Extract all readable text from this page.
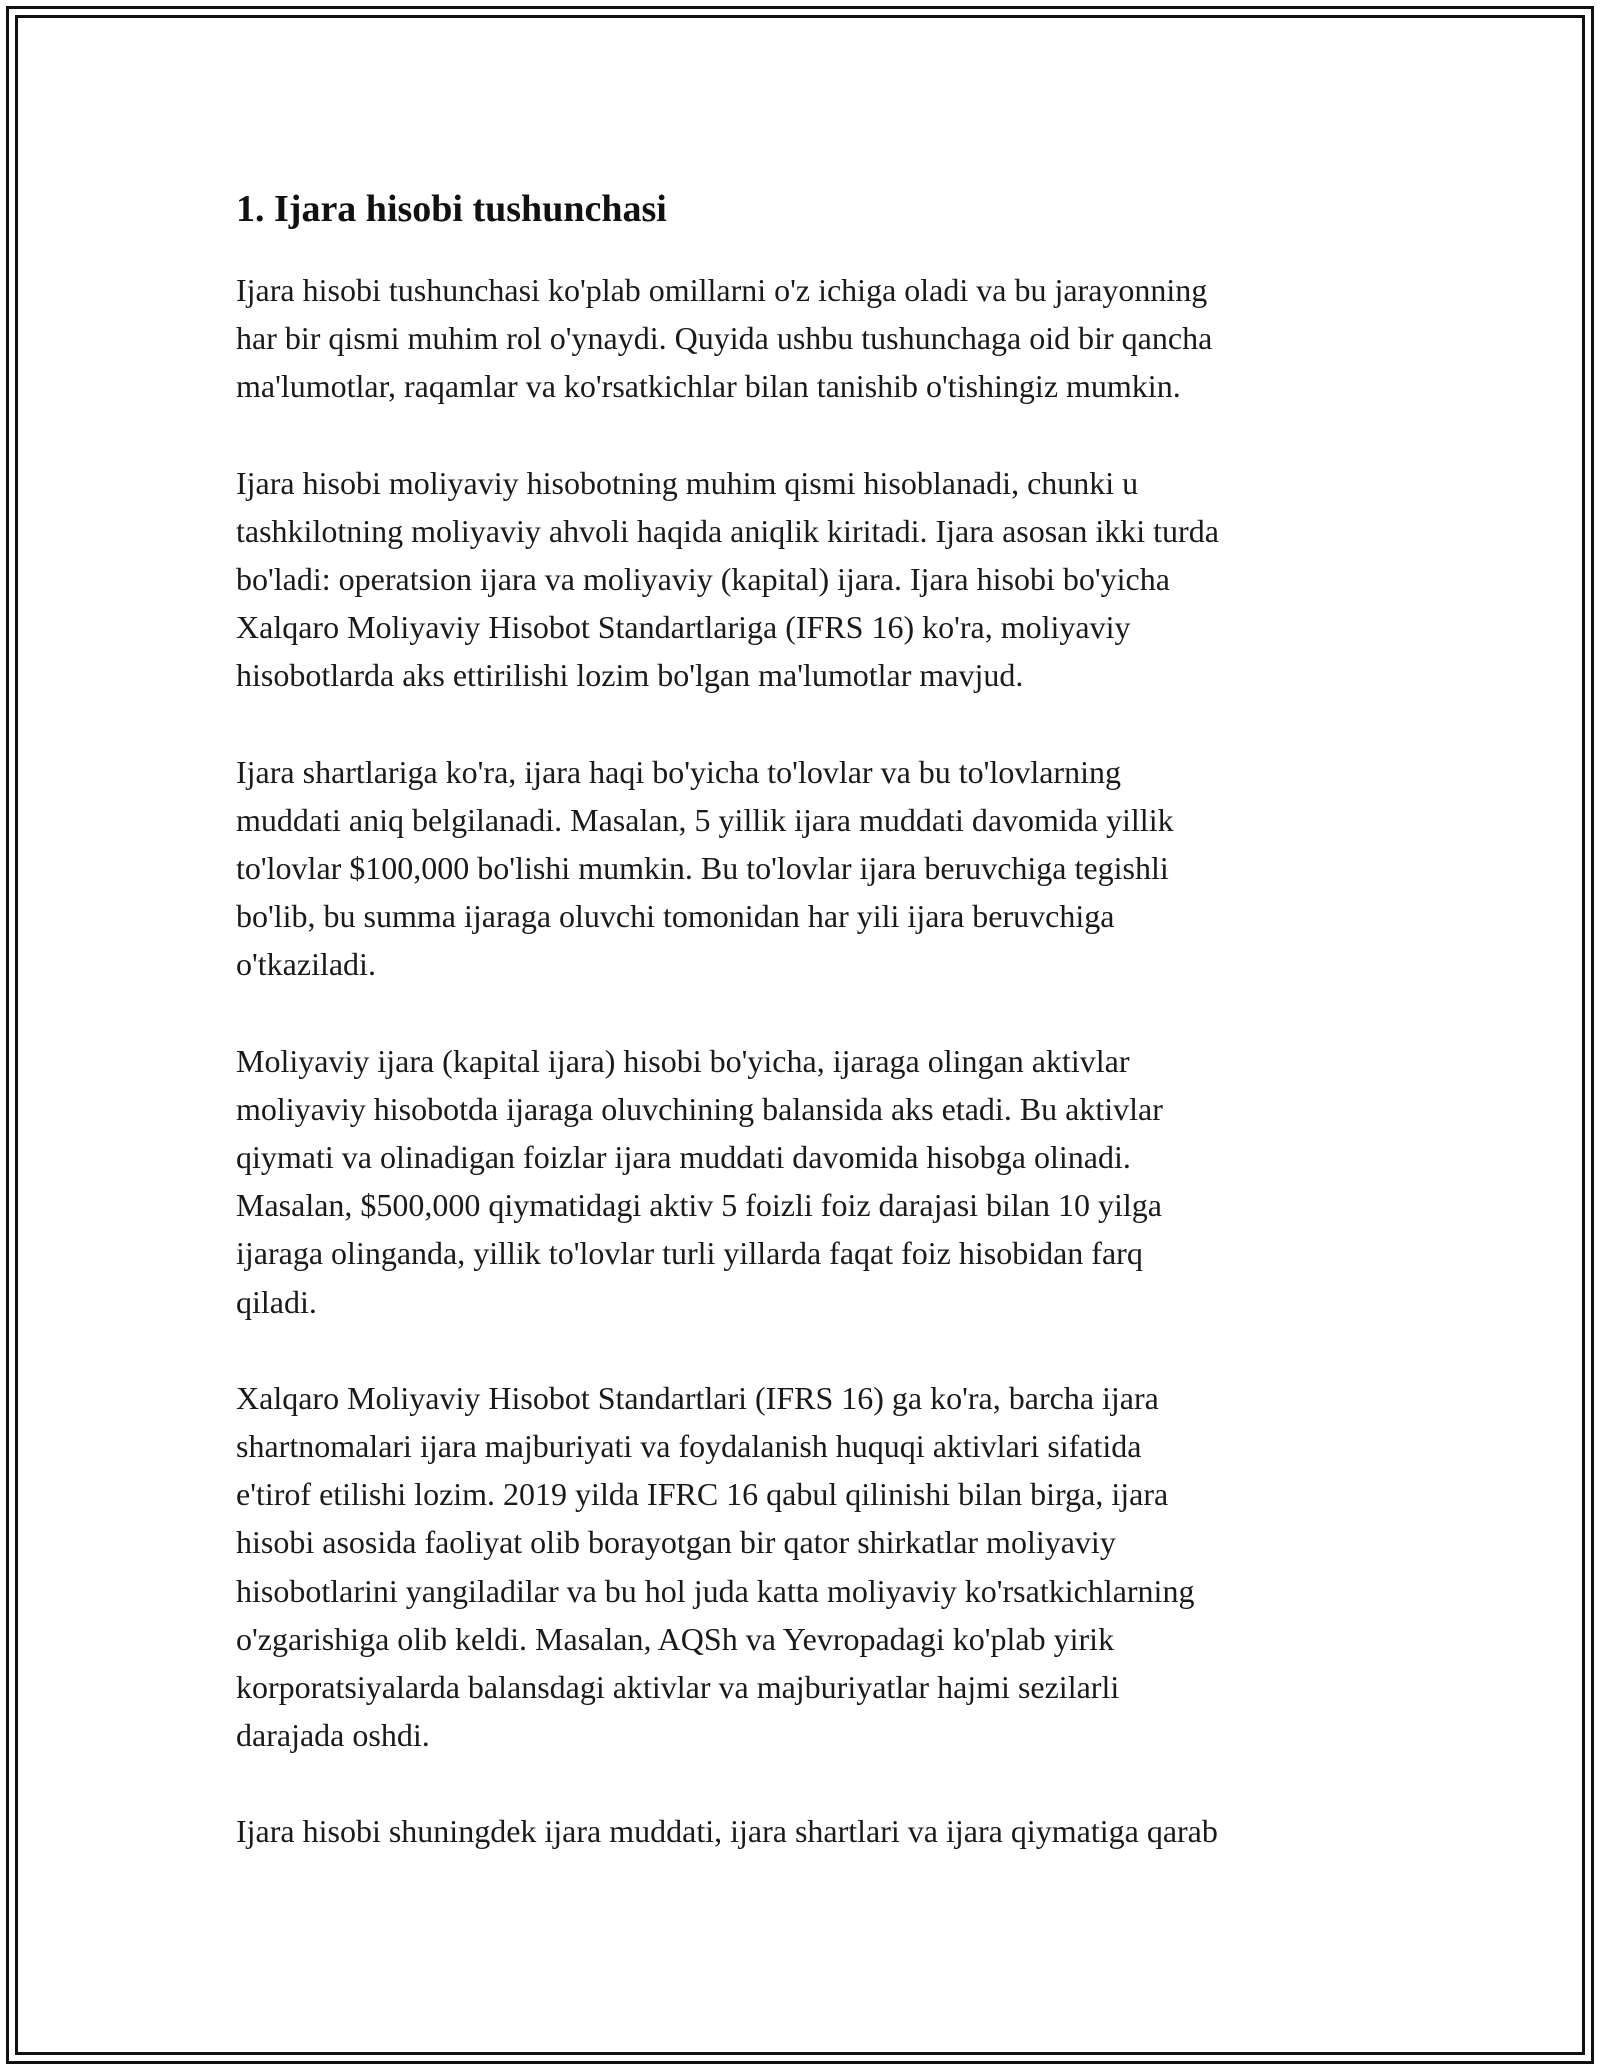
1. Ijara hisobi tushunchasi

Ijara hisobi tushunchasi ko'plab omillarni o'z ichiga oladi va bu jarayonning
har bir qismi muhim rol o'ynaydi. Quyida ushbu tushunchaga oid bir qancha
ma'lumotlar, raqamlar va ko'rsatkichlar bilan tanishib o'tishingiz mumkin.

Ijara hisobi moliyaviy hisobotning muhim qismi hisoblanadi, chunki u
tashkilotning moliyaviy ahvoli haqida aniqlik kiritadi. Ijara asosan ikki turda
bo'ladi: operatsion ijara va moliyaviy (kapital) ijara. Ijara hisobi bo'yicha
Xalqaro Moliyaviy Hisobot Standartlariga (IFRS 16) ko'ra, moliyaviy
hisobotlarda aks ettirilishi lozim bo'lgan ma'lumotlar mavjud.

Ijara shartlariga ko'ra, ijara haqi bo'yicha to'lovlar va bu to'lovlarning
muddati aniq belgilanadi. Masalan, 5 yillik ijara muddati davomida yillik
to'lovlar $100,000 bo'lishi mumkin. Bu to'lovlar ijara beruvchiga tegishli
bo'lib, bu summa ijaraga oluvchi tomonidan har yili ijara beruvchiga
o'tkaziladi.

Moliyaviy ijara (kapital ijara) hisobi bo'yicha, ijaraga olingan aktivlar
moliyaviy hisobotda ijaraga oluvchining balansida aks etadi. Bu aktivlar
qiymati va olinadigan foizlar ijara muddati davomida hisobga olinadi.
Masalan, $500,000 qiymatidagi aktiv 5 foizli foiz darajasi bilan 10 yilga
ijaraga olinganda, yillik to'lovlar turli yillarda faqat foiz hisobidan farq
qiladi.

Xalqaro Moliyaviy Hisobot Standartlari (IFRS 16) ga ko'ra, barcha ijara
shartnomalari ijara majburiyati va foydalanish huquqi aktivlari sifatida
e'tirof etilishi lozim. 2019 yilda IFRC 16 qabul qilinishi bilan birga, ijara
hisobi asosida faoliyat olib borayotgan bir qator shirkatlar moliyaviy
hisobotlarini yangiladilar va bu hol juda katta moliyaviy ko'rsatkichlarning
o'zgarishiga olib keldi. Masalan, AQSh va Yevropadagi ko'plab yirik
korporatsiyalarda balansdagi aktivlar va majburiyatlar hajmi sezilarli
darajada oshdi.

Ijara hisobi shuningdek ijara muddati, ijara shartlari va ijara qiymatiga qarab
